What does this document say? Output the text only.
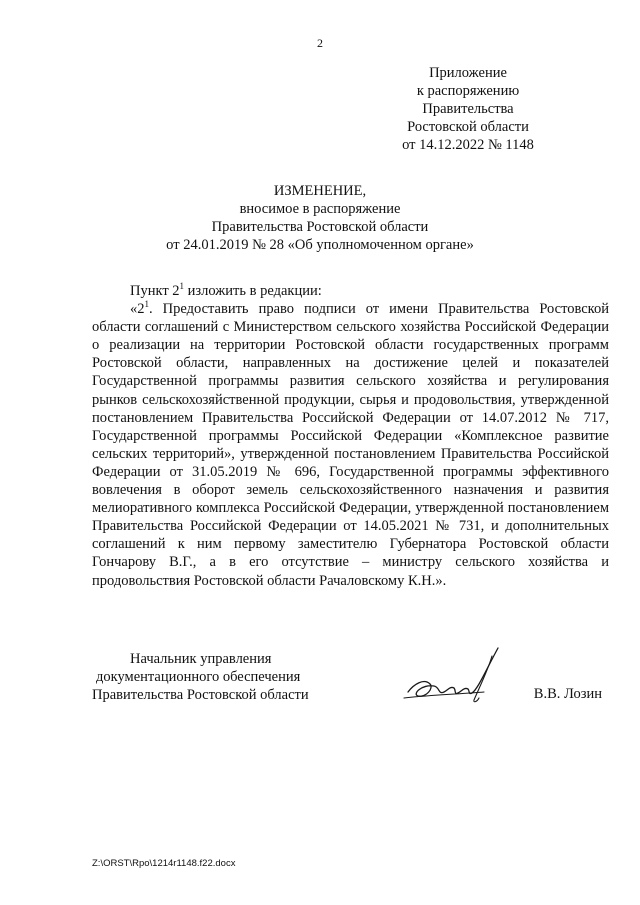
2
Приложение
к распоряжению
Правительства
Ростовской области
от 14.12.2022 № 1148
ИЗМЕНЕНИЕ,
вносимое в распоряжение
Правительства Ростовской области
от 24.01.2019 № 28 «Об уполномоченном органе»
Пункт $2^1$ изложить в редакции:
«$2^1$. Предоставить право подписи от имени Правительства Ростовской области соглашений с Министерством сельского хозяйства Российской Федерации о реализации на территории Ростовской области государственных программ Ростовской области, направленных на достижение целей и показателей Государственной программы развития сельского хозяйства и регулирования рынков сельскохозяйственной продукции, сырья и продовольствия, утвержденной постановлением Правительства Российской Федерации от 14.07.2012 № 717, Государственной программы Российской Федерации «Комплексное развитие сельских территорий», утвержденной постановлением Правительства Российской Федерации от 31.05.2019 № 696, Государственной программы эффективного вовлечения в оборот земель сельскохозяйственного назначения и развития мелиоративного комплекса Российской Федерации, утвержденной постановлением Правительства Российской Федерации от 14.05.2021 № 731, и дополнительных соглашений к ним первому заместителю Губернатора Ростовской области Гончарову В.Г., а в его отсутствие – министру сельского хозяйства и продовольствия Ростовской области Рачаловскому К.Н.».
Начальник управления
документационного обеспечения
Правительства Ростовской области	В.В. Лозин
Z:\ORST\Rpo\1214r1148.f22.docx
